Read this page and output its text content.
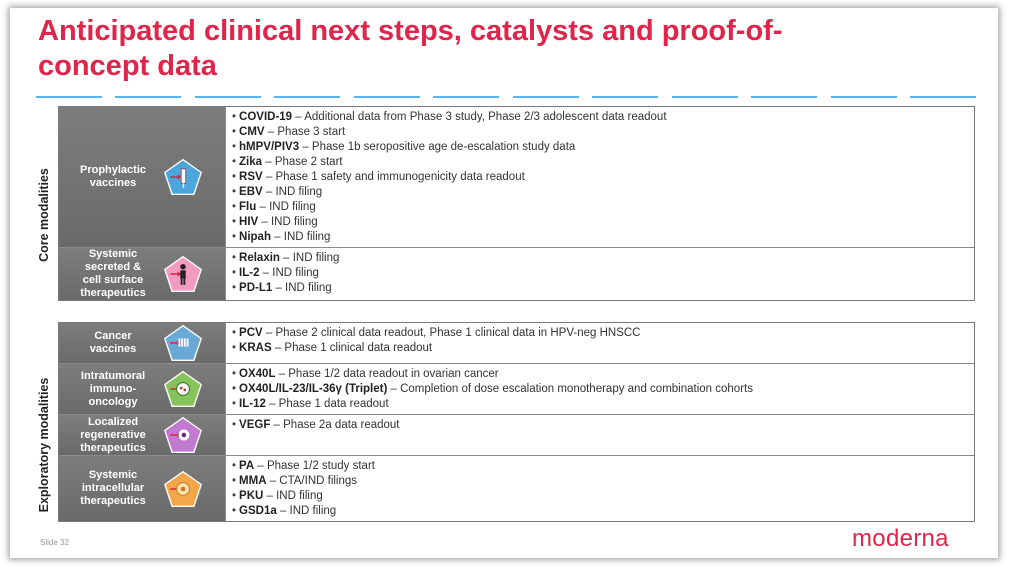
Anticipated clinical next steps, catalysts and proof-of-concept data
Core modalities
Exploratory modalities
Prophylactic
vaccines
• COVID-19 – Additional data from Phase 3 study, Phase 2/3 adolescent data readout
• CMV – Phase 3 start
• hMPV/PIV3 – Phase 1b seropositive age de-escalation study data
• Zika – Phase 2 start
• RSV – Phase 1 safety and immunogenicity data readout
• EBV – IND filing
• Flu – IND filing
• HIV – IND filing
• Nipah – IND filing
Systemic
secreted &
cell surface
therapeutics
• Relaxin – IND filing
• IL-2 – IND filing
• PD-L1 – IND filing
Cancer
vaccines
• PCV – Phase 2 clinical data readout, Phase 1 clinical data in HPV-neg HNSCC
• KRAS – Phase 1 clinical data readout
Intratumoral
immuno-
oncology
• OX40L – Phase 1/2 data readout in ovarian cancer
• OX40L/IL-23/IL-36γ (Triplet) – Completion of dose escalation monotherapy and combination cohorts
• IL-12 – Phase 1 data readout
Localized
regenerative
therapeutics
• VEGF – Phase 2a data readout
Systemic
intracellular
therapeutics
• PA – Phase 1/2 study start
• MMA – CTA/IND filings
• PKU – IND filing
• GSD1a – IND filing
Slide 32	moderna
